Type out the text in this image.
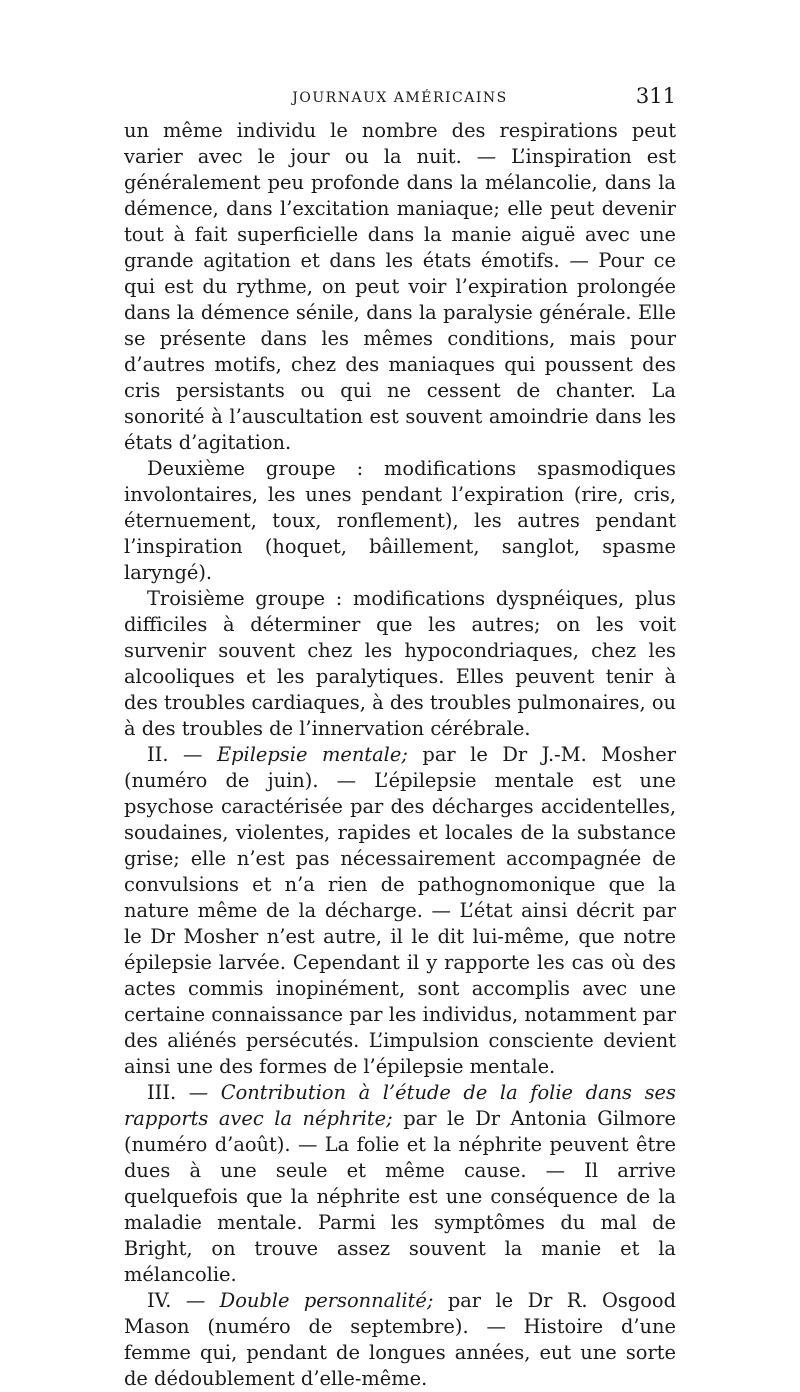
JOURNAUX AMÉRICAINS	311

un même individu le nombre des respirations peut varier avec le jour ou la nuit. — L’inspiration est généralement peu profonde dans la mélancolie, dans la démence, dans l’excitation maniaque; elle peut devenir tout à fait superficielle dans la manie aiguë avec une grande agitation et dans les états émotifs. — Pour ce qui est du rythme, on peut voir l’expiration prolongée dans la démence sénile, dans la paralysie générale. Elle se présente dans les mêmes conditions, mais pour d’autres motifs, chez des maniaques qui poussent des cris persistants ou qui ne cessent de chanter. La sonorité à l’auscultation est souvent amoindrie dans les états d’agitation.

Deuxième groupe : modifications spasmodiques involontaires, les unes pendant l’expiration (rire, cris, éternuement, toux, ronflement), les autres pendant l’inspiration (hoquet, bâillement, sanglot, spasme laryngé).

Troisième groupe : modifications dyspnéiques, plus difficiles à déterminer que les autres; on les voit survenir souvent chez les hypocondriaques, chez les alcooliques et les paralytiques. Elles peuvent tenir à des troubles cardiaques, à des troubles pulmonaires, ou à des troubles de l’innervation cérébrale.

II. — Epilepsie mentale; par le Dr J.-M. Mosher (numéro de juin). — L’épilepsie mentale est une psychose caractérisée par des décharges accidentelles, soudaines, violentes, rapides et locales de la substance grise; elle n’est pas nécessairement accompagnée de convulsions et n’a rien de pathognomonique que la nature même de la décharge. — L’état ainsi décrit par le Dr Mosher n’est autre, il le dit lui-même, que notre épilepsie larvée. Cependant il y rapporte les cas où des actes commis inopinément, sont accomplis avec une certaine connaissance par les individus, notamment par des aliénés persécutés. L’impulsion consciente devient ainsi une des formes de l’épilepsie mentale.

III. — Contribution à l’étude de la folie dans ses rapports avec la néphrite; par le Dr Antonia Gilmore (numéro d’août). — La folie et la néphrite peuvent être dues à une seule et même cause. — Il arrive quelquefois que la néphrite est une conséquence de la maladie mentale. Parmi les symptômes du mal de Bright, on trouve assez souvent la manie et la mélancolie.

IV. — Double personnalité; par le Dr R. Osgood Mason (numéro de septembre). — Histoire d’une femme qui, pendant de longues années, eut une sorte de dédoublement d’elle-même.
